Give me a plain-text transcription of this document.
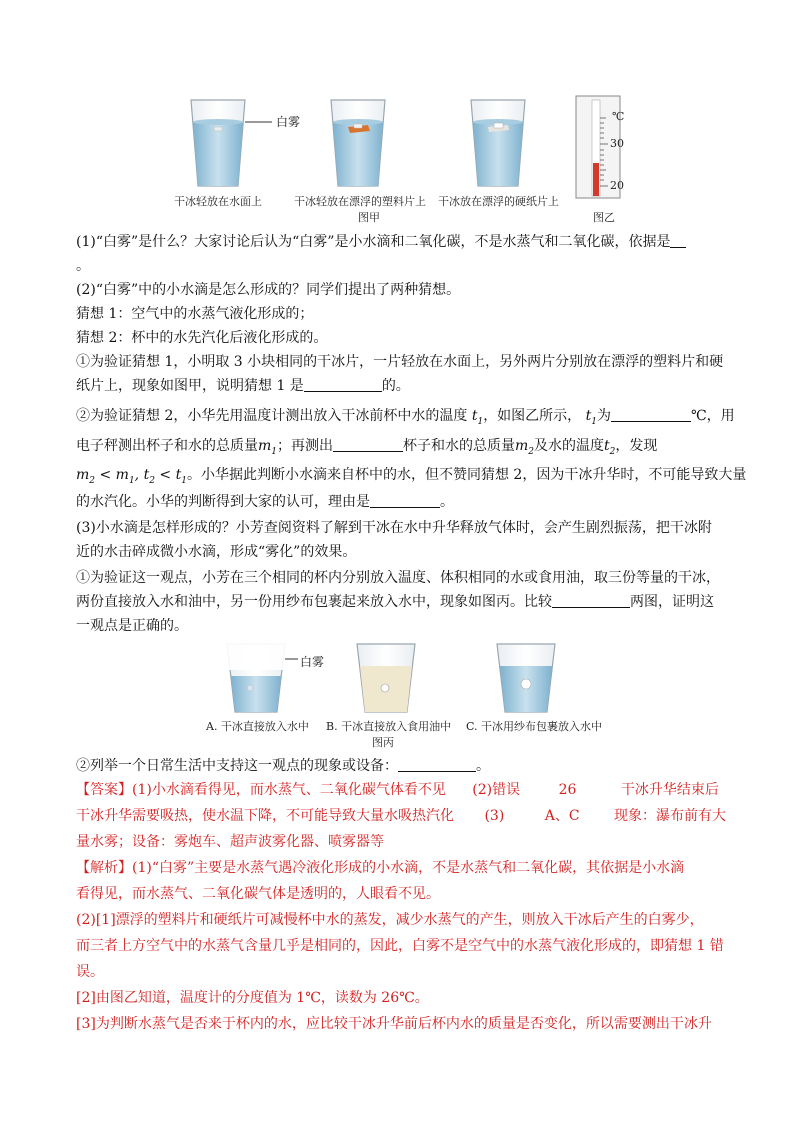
白雾	℃
30
20
干冰轻放在水面上	干冰轻放在漂浮的塑料片上 干冰放在漂浮的硬纸片上
图甲	图乙
(1)“白雾”是什么？大家讨论后认为“白雾”是小水滴和二氧化碳，不是水蒸气和二氧化碳，依据是
。
(2)“白雾”中的小水滴是怎么形成的？同学们提出了两种猜想。
猜想 1：空气中的水蒸气液化形成的；
猜想 2：杯中的水先汽化后液化形成的。
①为验证猜想 1，小明取 3 小块相同的干冰片，一片轻放在水面上，另外两片分别放在漂浮的塑料片和硬
纸片上，现象如图甲，说明猜想 1 是	的。
②为验证猜想 2，小华先用温度计测出放入干冰前杯中水的温度 $t_1$，如图乙所示， $t_1$为	℃，用
电子秤测出杯子和水的总质量$m_1$；再测出	杯子和水的总质量$m_2$及水的温度$t_2$，发现
$m_2 < m_1$, $t_2 < t_1$。小华据此判断小水滴来自杯中的水，但不赞同猜想 2，因为干冰升华时，不可能导致大量
的水汽化。小华的判断得到大家的认可，理由是	。
(3)小水滴是怎样形成的？小芳查阅资料了解到干冰在水中升华释放气体时，会产生剧烈振荡，把干冰附
近的水击碎成微小水滴，形成“雾化”的效果。
①为验证这一观点，小芳在三个相同的杯内分别放入温度、体积相同的水或食用油，取三份等量的干冰，
两份直接放入水和油中，另一份用纱布包裹起来放入水中，现象如图丙。比较	两图，证明这
一观点是正确的。
白雾
A. 干冰直接放入水中 B. 干冰直接放入食用油中 C. 干冰用纱布包裹放入水中
图丙
②列举一个日常生活中支持这一观点的现象或设备：	。
【答案】(1)小水滴看得见，而水蒸气、二氧化碳气体看不见 (2)错误	26	干冰升华结束后
干冰升华需要吸热，使水温下降，不可能导致大量水吸热汽化 (3)	A、C 现象：瀑布前有大
量水雾；设备：雾炮车、超声波雾化器、喷雾器等
【解析】(1)“白雾”主要是水蒸气遇冷液化形成的小水滴，不是水蒸气和二氧化碳，其依据是小水滴
看得见，而水蒸气、二氧化碳气体是透明的，人眼看不见。
(2)[1]漂浮的塑料片和硬纸片可减慢杯中水的蒸发，减少水蒸气的产生，则放入干冰后产生的白雾少，
而三者上方空气中的水蒸气含量几乎是相同的，因此，白雾不是空气中的水蒸气液化形成的，即猜想 1 错
误。
[2]由图乙知道，温度计的分度值为 1℃，读数为 26℃。
[3]为判断水蒸气是否来于杯内的水，应比较干冰升华前后杯内水的质量是否变化，所以需要测出干冰升
